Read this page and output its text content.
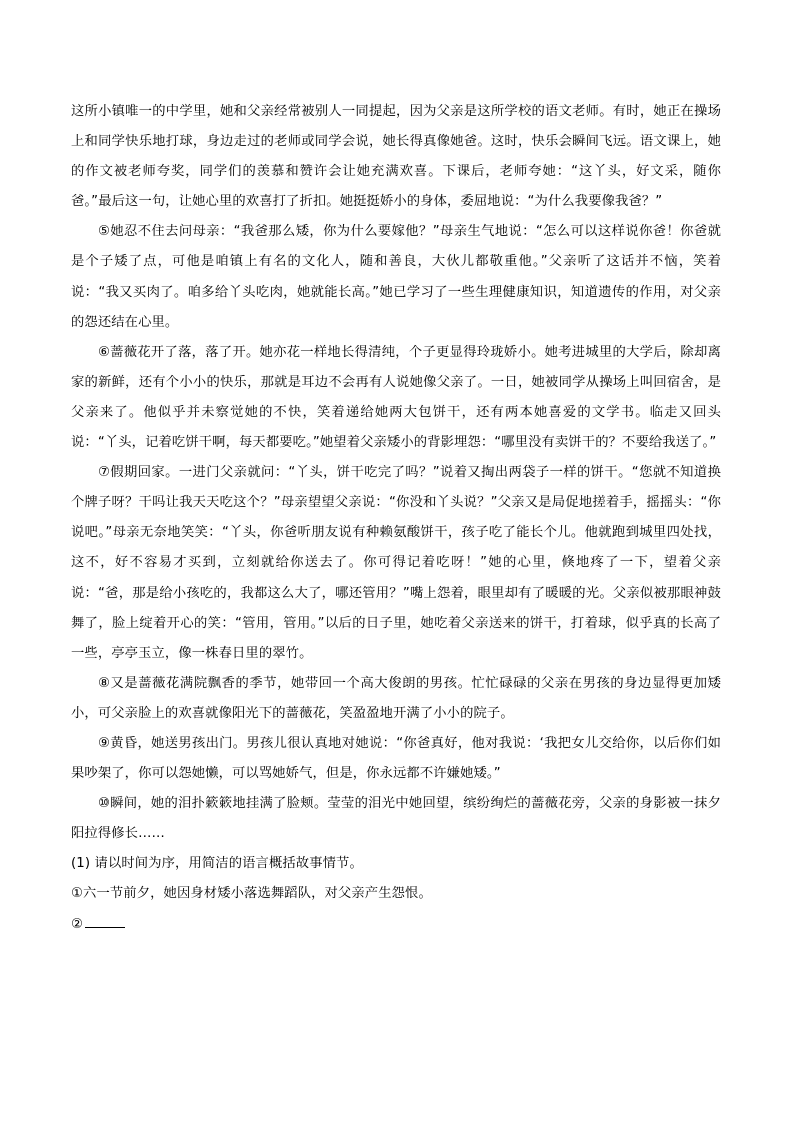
这所小镇唯一的中学里，她和父亲经常被别人一同提起，因为父亲是这所学校的语文老师。有时，她正在操场上和同学快乐地打球，身边走过的老师或同学会说，她长得真像她爸。这时，快乐会瞬间飞远。语文课上，她的作文被老师夸奖，同学们的羡慕和赞许会让她充满欢喜。下课后，老师夸她：“这丫头，好文采，随你爸。”最后这一句，让她心里的欢喜打了折扣。她挺挺娇小的身体，委屈地说：“为什么我要像我爸？”

⑤她忍不住去问母亲：“我爸那么矮，你为什么要嫁他？”母亲生气地说：“怎么可以这样说你爸！你爸就是个子矮了点，可他是咱镇上有名的文化人，随和善良，大伙儿都敬重他。”父亲听了这话并不恼，笑着说：“我又买肉了。咱多给丫头吃肉，她就能长高。”她已学习了一些生理健康知识，知道遗传的作用，对父亲的怨还结在心里。

⑥蔷薇花开了落，落了开。她亦花一样地长得清纯，个子更显得玲珑娇小。她考进城里的大学后，除却离家的新鲜，还有个小小的快乐，那就是耳边不会再有人说她像父亲了。一日，她被同学从操场上叫回宿舍，是父亲来了。他似乎并未察觉她的不快，笑着递给她两大包饼干，还有两本她喜爱的文学书。临走又回头说：“丫头，记着吃饼干啊，每天都要吃。”她望着父亲矮小的背影埋怨：“哪里没有卖饼干的？不要给我送了。”

⑦假期回家。一进门父亲就问：“丫头，饼干吃完了吗？”说着又掏出两袋子一样的饼干。“您就不知道换个牌子呀？干吗让我天天吃这个？”母亲望望父亲说：“你没和丫头说？”父亲又是局促地搓着手，摇摇头：“你说吧。”母亲无奈地笑笑：“丫头，你爸听朋友说有种赖氨酸饼干，孩子吃了能长个儿。他就跑到城里四处找，这不，好不容易才买到，立刻就给你送去了。你可得记着吃呀！”她的心里，倏地疼了一下，望着父亲说：“爸，那是给小孩吃的，我都这么大了，哪还管用？”嘴上怨着，眼里却有了暖暖的光。父亲似被那眼神鼓舞了，脸上绽着开心的笑：“管用，管用。”以后的日子里，她吃着父亲送来的饼干，打着球，似乎真的长高了一些，亭亭玉立，像一株春日里的翠竹。

⑧又是蔷薇花满院飘香的季节，她带回一个高大俊朗的男孩。忙忙碌碌的父亲在男孩的身边显得更加矮小，可父亲脸上的欢喜就像阳光下的蔷薇花，笑盈盈地开满了小小的院子。

⑨黄昏，她送男孩出门。男孩儿很认真地对她说：“你爸真好，他对我说：‘我把女儿交给你，以后你们如果吵架了，你可以怨她懒，可以骂她娇气，但是，你永远都不许嫌她矮。”

⑩瞬间，她的泪扑簌簌地挂满了脸颊。莹莹的泪光中她回望，缤纷绚烂的蔷薇花旁，父亲的身影被一抹夕阳拉得修长……

(1) 请以时间为序，用简洁的语言概括故事情节。

①六一节前夕，她因身材矮小落选舞蹈队，对父亲产生怨恨。

②
